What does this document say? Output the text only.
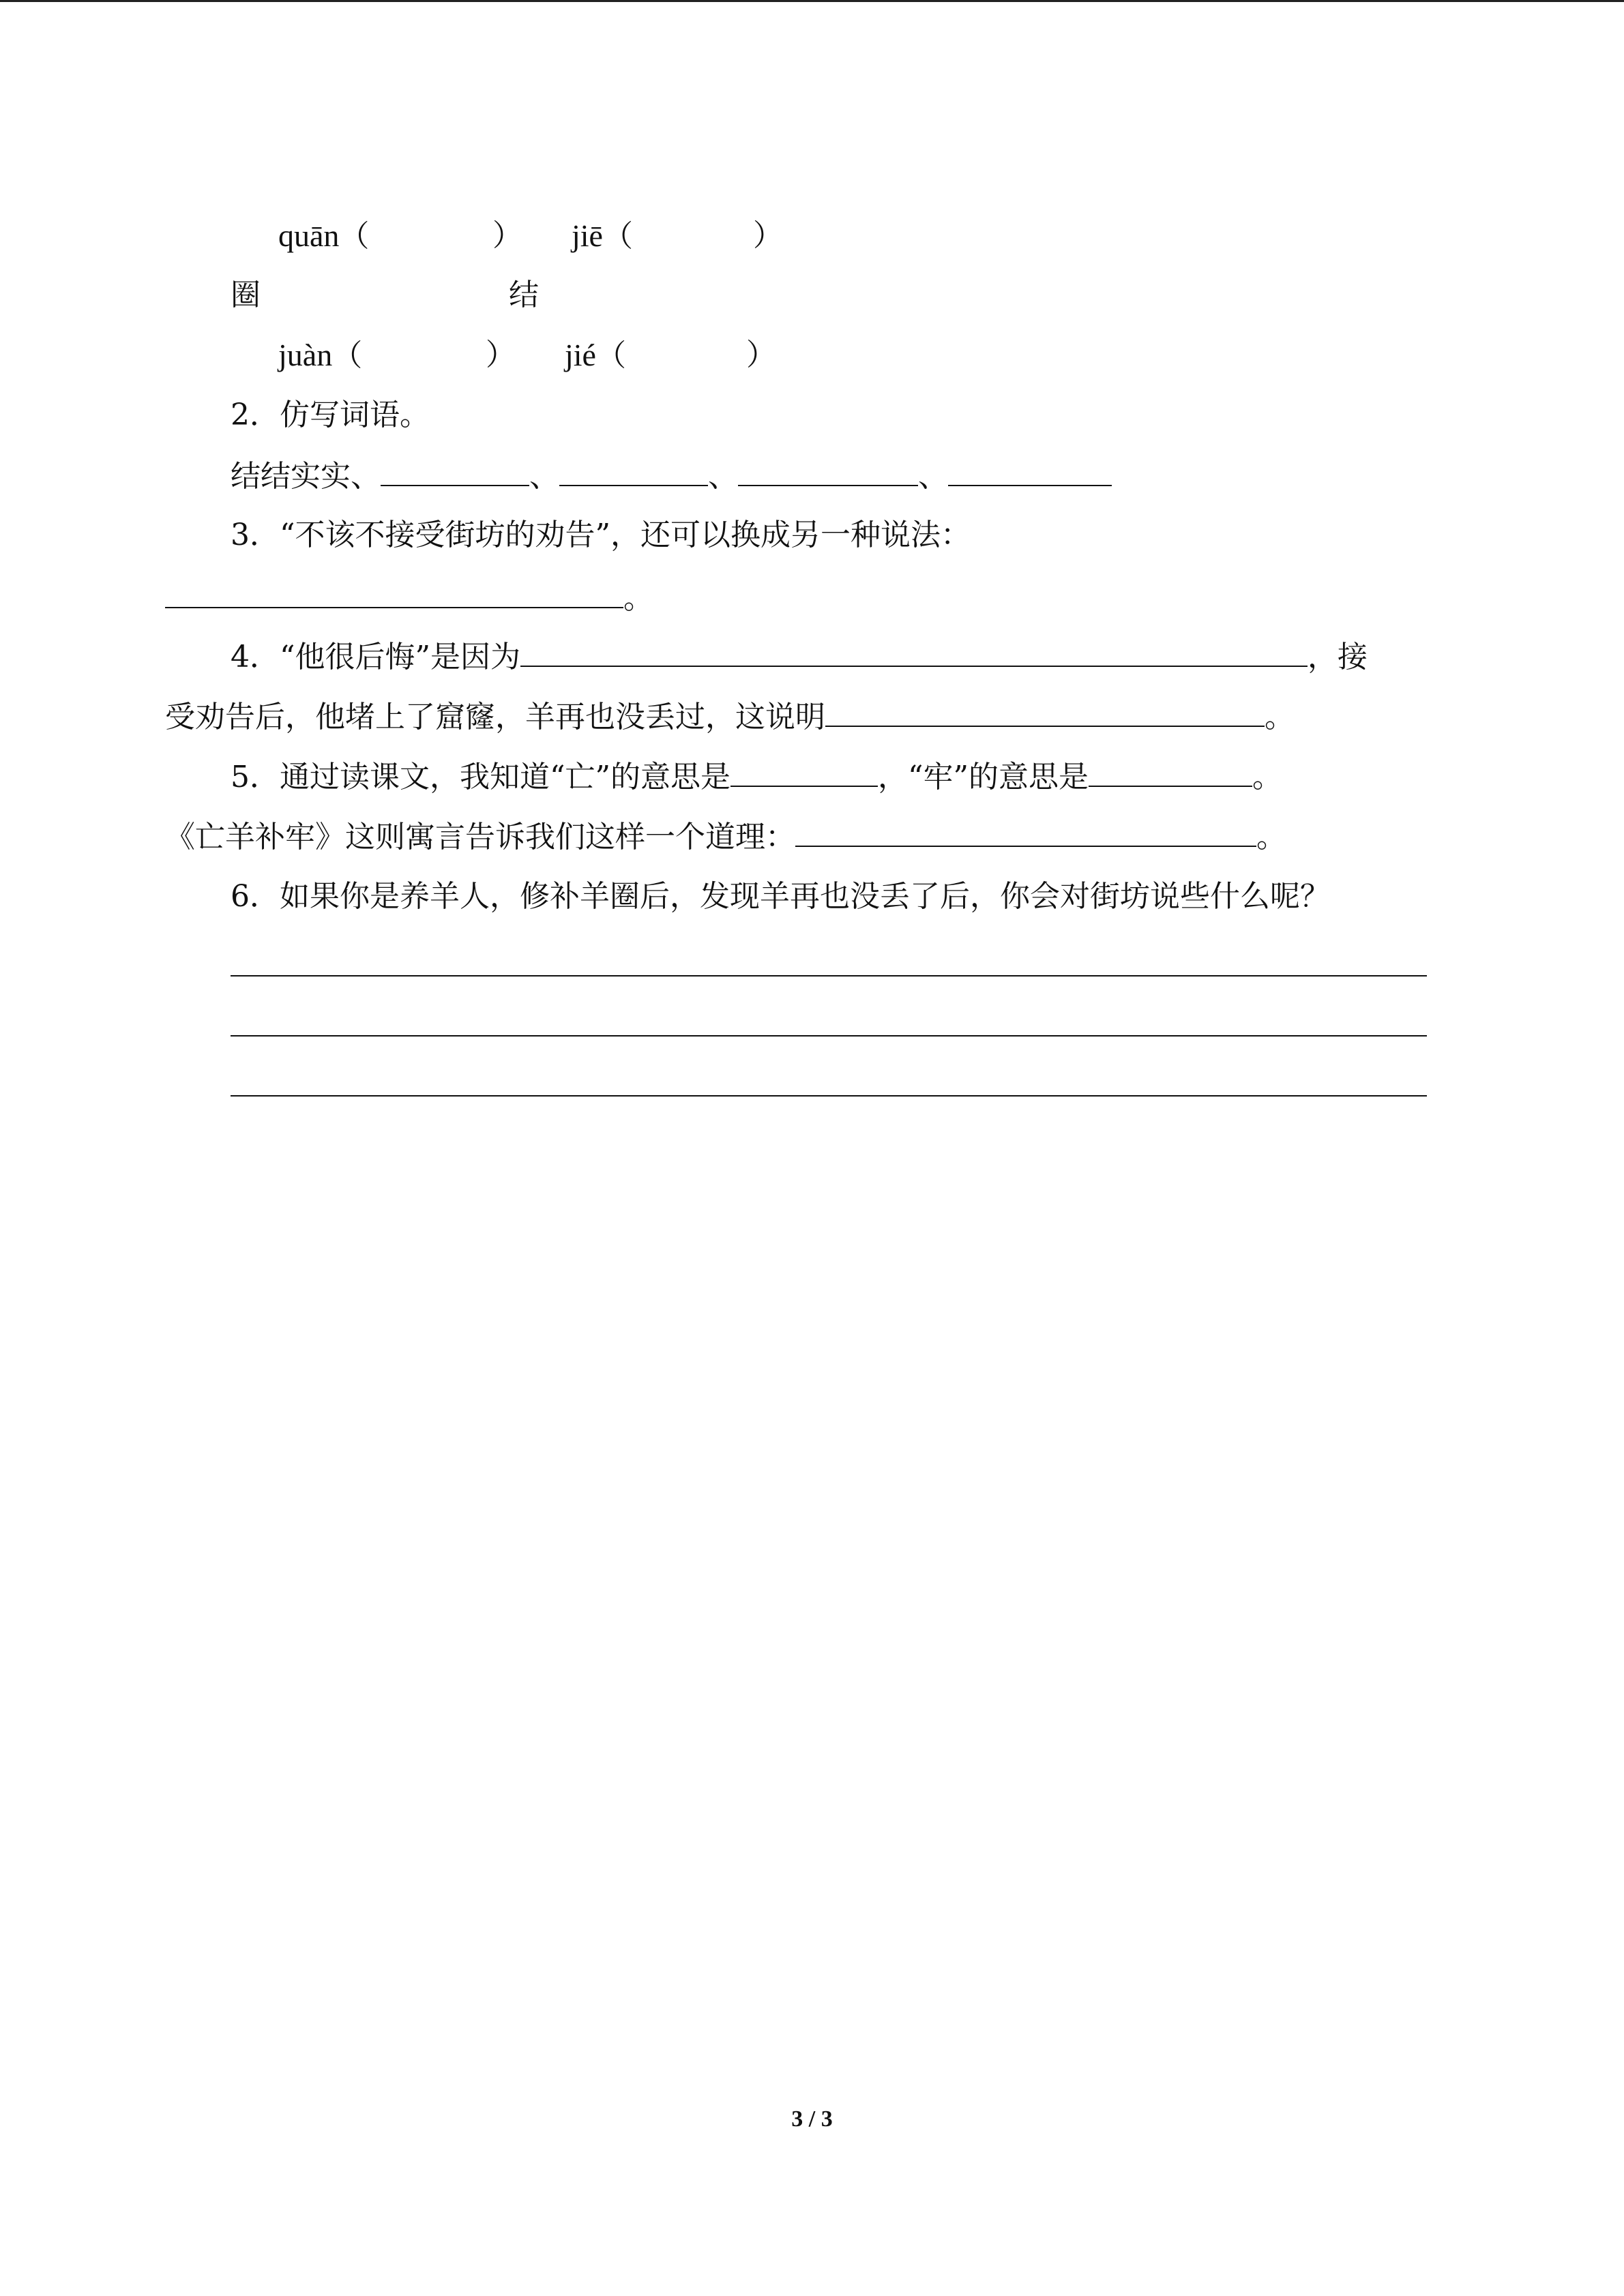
quān（	） jiē（	）
圈	结
juàn（	） jié（	）
2．仿写词语。
结结实实、	、	、	、
3．“不该不接受街坊的劝告”，还可以换成另一种说法：
。
4．“他很后悔”是因为	，接
受劝告后，他堵上了窟窿，羊再也没丢过，这说明	。
5．通过读课文，我知道“亡”的意思是	，“牢”的意思是	。
《亡羊补牢》这则寓言告诉我们这样一个道理：	。
6．如果你是养羊人，修补羊圈后，发现羊再也没丢了后，你会对街坊说些什么呢？
3 / 3
